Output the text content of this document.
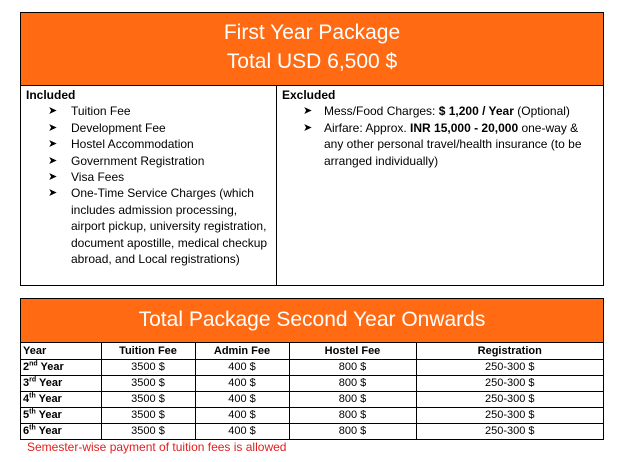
First Year Package
Total USD 6,500 $
Included
➤ Tuition Fee
➤ Development Fee
➤ Hostel Accommodation
➤ Government Registration
➤ Visa Fees
➤ One-Time Service Charges (which includes admission processing, airport pickup, university registration, document apostille, medical checkup abroad, and Local registrations)
Excluded
➤ Mess/Food Charges: $ 1,200 / Year (Optional)
➤ Airfare: Approx. INR 15,000 - 20,000 one-way & any other personal travel/health insurance (to be arranged individually)
Total Package Second Year Onwards
Year	Tuition Fee	Admin Fee	Hostel Fee	Registration
2nd Year	3500 $	400 $	800 $	250-300 $
3rd Year	3500 $	400 $	800 $	250-300 $
4th Year	3500 $	400 $	800 $	250-300 $
5th Year	3500 $	400 $	800 $	250-300 $
6th Year	3500 $	400 $	800 $	250-300 $
Semester-wise payment of tuition fees is allowed
